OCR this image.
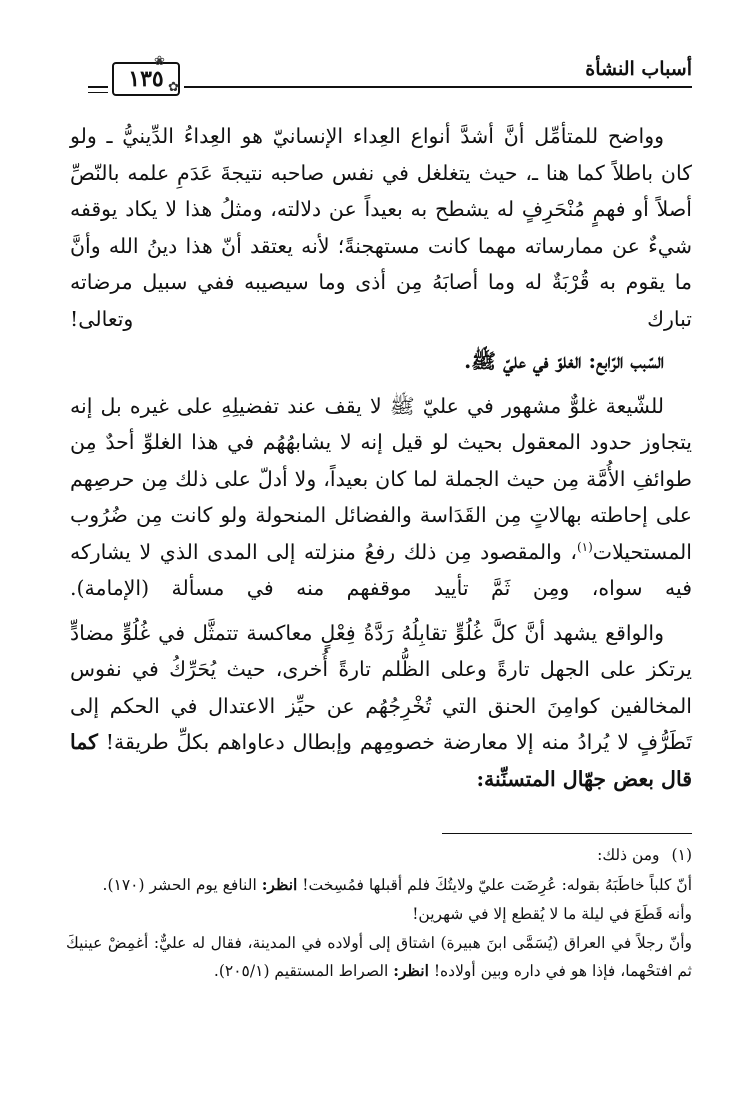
أسباب النشأة
١٣٥
❀
✿

وواضح للمتأمِّل أنَّ أشدَّ أنواع العِداء الإنسانيّ هو العِداءُ الدِّينيُّ ـ ولو كان باطلاً كما هنا ـ، حيث يتغلغل في نفس صاحبه نتيجةَ عَدَمِ علمه بالنّصِّ أصلاً أو فهمٍ مُنْحَرِفٍ له يشطح به بعيداً عن دلالته، ومثلُ هذا لا يكاد يوقفه شيءٌ عن ممارساته مهما كانت مستهجنةً؛ لأنه يعتقد أنّ هذا دينُ الله وأنَّ ما يقوم به قُرْبَةٌ له وما أصابَهُ مِن أذى وما سيصيبه ففي سبيل مرضاته تبارك وتعالى!

السّبب الرّابع: الغلوّ في عليّ ﷺ.

للشّيعة غلوٌّ مشهور في عليّ ﷺ لا يقف عند تفضيلِهِ على غيره بل إنه يتجاوز حدود المعقول بحيث لو قيل إنه لا يشابهُهُم في هذا الغلوِّ أحدٌ مِن طوائفِ الأُمَّة مِن حيث الجملة لما كان بعيداً، ولا أدلّ على ذلك مِن حرصِهم على إحاطته بهالاتٍ مِن القَدَاسة والفضائل المنحولة ولو كانت مِن ضُرُوب المستحيلات$^{(١)}$، والمقصود مِن ذلك رفعُ منزلته إلى المدى الذي لا يشاركه فيه سواه، ومِن ثَمَّ تأييد موقفهم منه في مسألة (الإمامة).

والواقع يشهد أنَّ كلَّ غُلُوٍّ تقابِلُهُ رَدَّةُ فِعْلٍ معاكسة تتمثَّل في غُلُوٍّ مضادٍّ يرتكز على الجهل تارةً وعلى الظُّلم تارةً أُخرى، حيث يُحَرِّكُ في نفوس المخالفين كوامِنَ الحنق التي تُخْرِجُهُم عن حيِّز الاعتدال في الحكم إلى تَطَرُّفٍ لا يُرادُ منه إلا معارضة خصومِهم وإبطال دعاواهم بكلِّ طريقة! كما قال بعض جهّال المتسنِّنة:

(١)ومن ذلك:

أنّ كلباً خاطَبَهُ بقوله: عُرِضَت عليّ ولايتُكَ فلم أقبلها فمُسِخت! انظر: النافع يوم الحشر (١٧٠).

وأنه قَطَعَ في ليلة ما لا يُقطع إلا في شهرين!

وأنّ رجلاً في العراق (يُسَمَّى ابنَ هبيرة) اشتاق إلى أولاده في المدينة، فقال له عليٌّ: أغمِضْ عينيكَ ثم افتحْهما، فإذا هو في داره وبين أولاده! انظر: الصراط المستقيم (٢٠٥/١).
